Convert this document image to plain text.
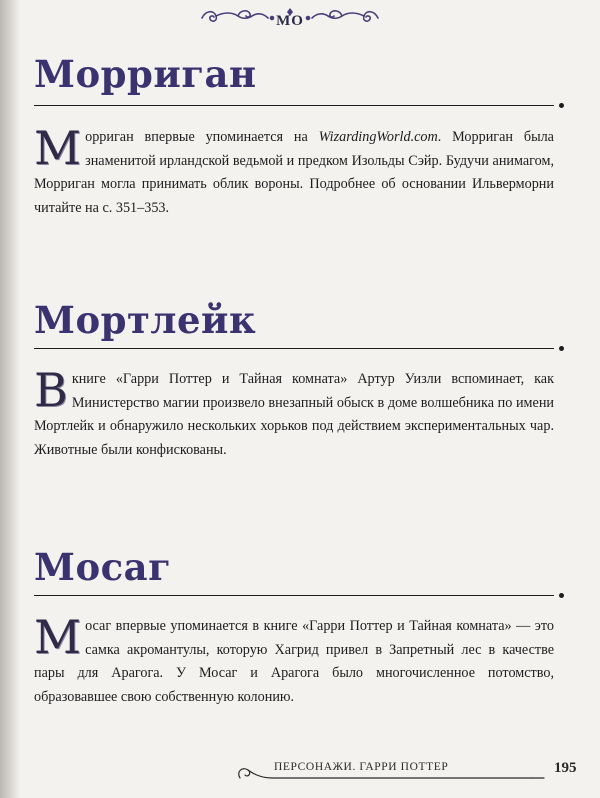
МО
Морриган
Морриган впервые упоминается на WizardingWorld.com. Морриган была знаменитой ирландской ведьмой и предком Изольды Сэйр. Будучи анимагом, Морриган могла принимать облик вороны. Подробнее об основании Ильверморни читайте на с. 351–353.
Мортлейк
В книге «Гарри Поттер и Тайная комната» Артур Уизли вспоминает, как Министерство магии произвело внезапный обыск в доме волшебника по имени Мортлейк и обнаружило нескольких хорьков под действием экспериментальных чар. Животные были конфискованы.
Мосаг
Мосаг впервые упоминается в книге «Гарри Поттер и Тайная комната» — это самка акромантулы, которую Хагрид привел в Запретный лес в качестве пары для Арагога. У Мосаг и Арагога было многочисленное потомство, образовавшее свою собственную колонию.
ПЕРСОНАЖИ. ГАРРИ ПОТТЕР	195
